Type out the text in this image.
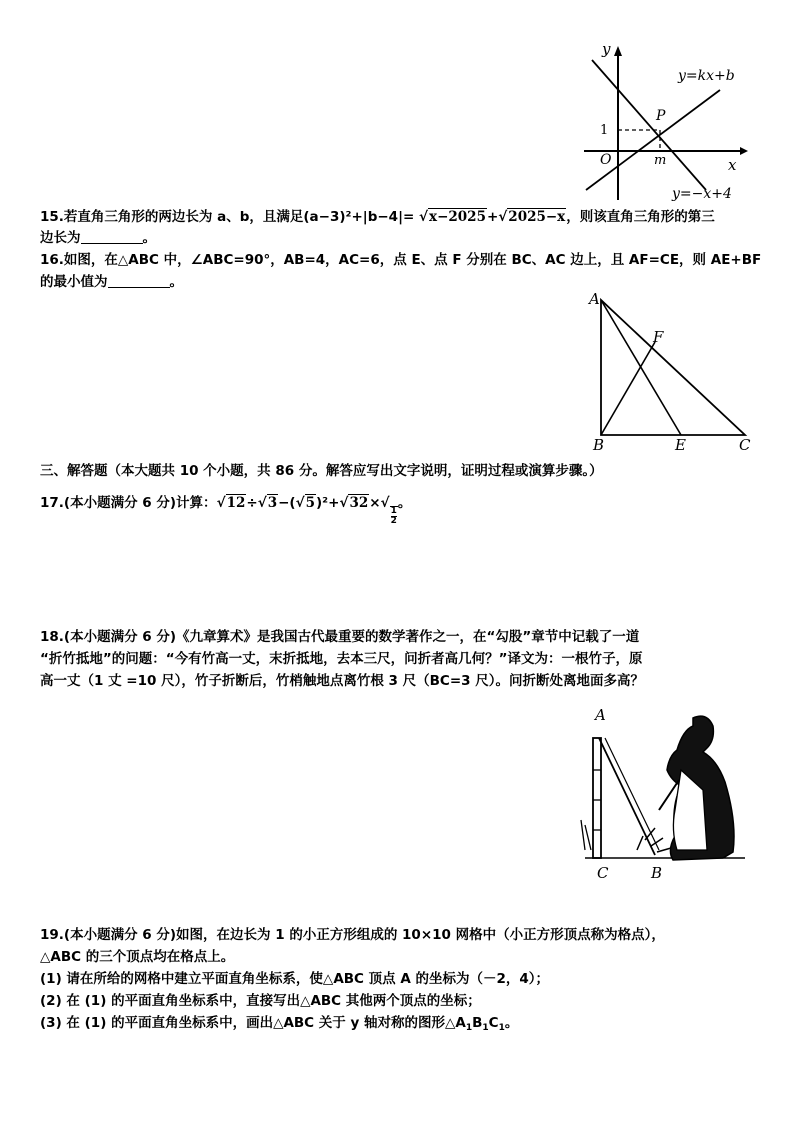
y
x
O
P
1
m
y=kx+b
y=−x+4
15.若直角三角形的两边长为 a、b，且满足(a−3)²+|b−4|= √x−2025+√2025−x，则该直角三角形的第三
边长为	。
16.如图，在△ABC 中，∠ABC=90°，AB=4，AC=6，点 E、点 F 分别在 BC、AC 边上，且 AF=CE，则 AE+BF
的最小值为	。
A
B	C
E
F
三、解答题（本大题共 10 个小题，共 86 分。解答应写出文字说明，证明过程或演算步骤。）
17.(本小题满分 6 分)计算：√12÷√3−(√5)²+√32×√
$\frac{1}{2}$
。
18.(本小题满分 6 分)《九章算术》是我国古代最重要的数学著作之一，在“勾股”章节中记载了一道
“折竹抵地”的问题：“今有竹高一丈，末折抵地，去本三尺，问折者高几何？”译文为：一根竹子，原
高一丈（1 丈 =10 尺），竹子折断后，竹梢触地点离竹根 3 尺（BC=3 尺）。问折断处离地面多高？
A
C	B
19.(本小题满分 6 分)如图，在边长为 1 的小正方形组成的 10×10 网格中（小正方形顶点称为格点），
△ABC 的三个顶点均在格点上。
(1) 请在所给的网格中建立平面直角坐标系，使△ABC 顶点 A 的坐标为（－2，4）；
(2) 在 (1) 的平面直角坐标系中，直接写出△ABC 其他两个顶点的坐标；
(3) 在 (1) 的平面直角坐标系中，画出△ABC 关于 y 轴对称的图形$\triangle A_1B_1C_1$。
